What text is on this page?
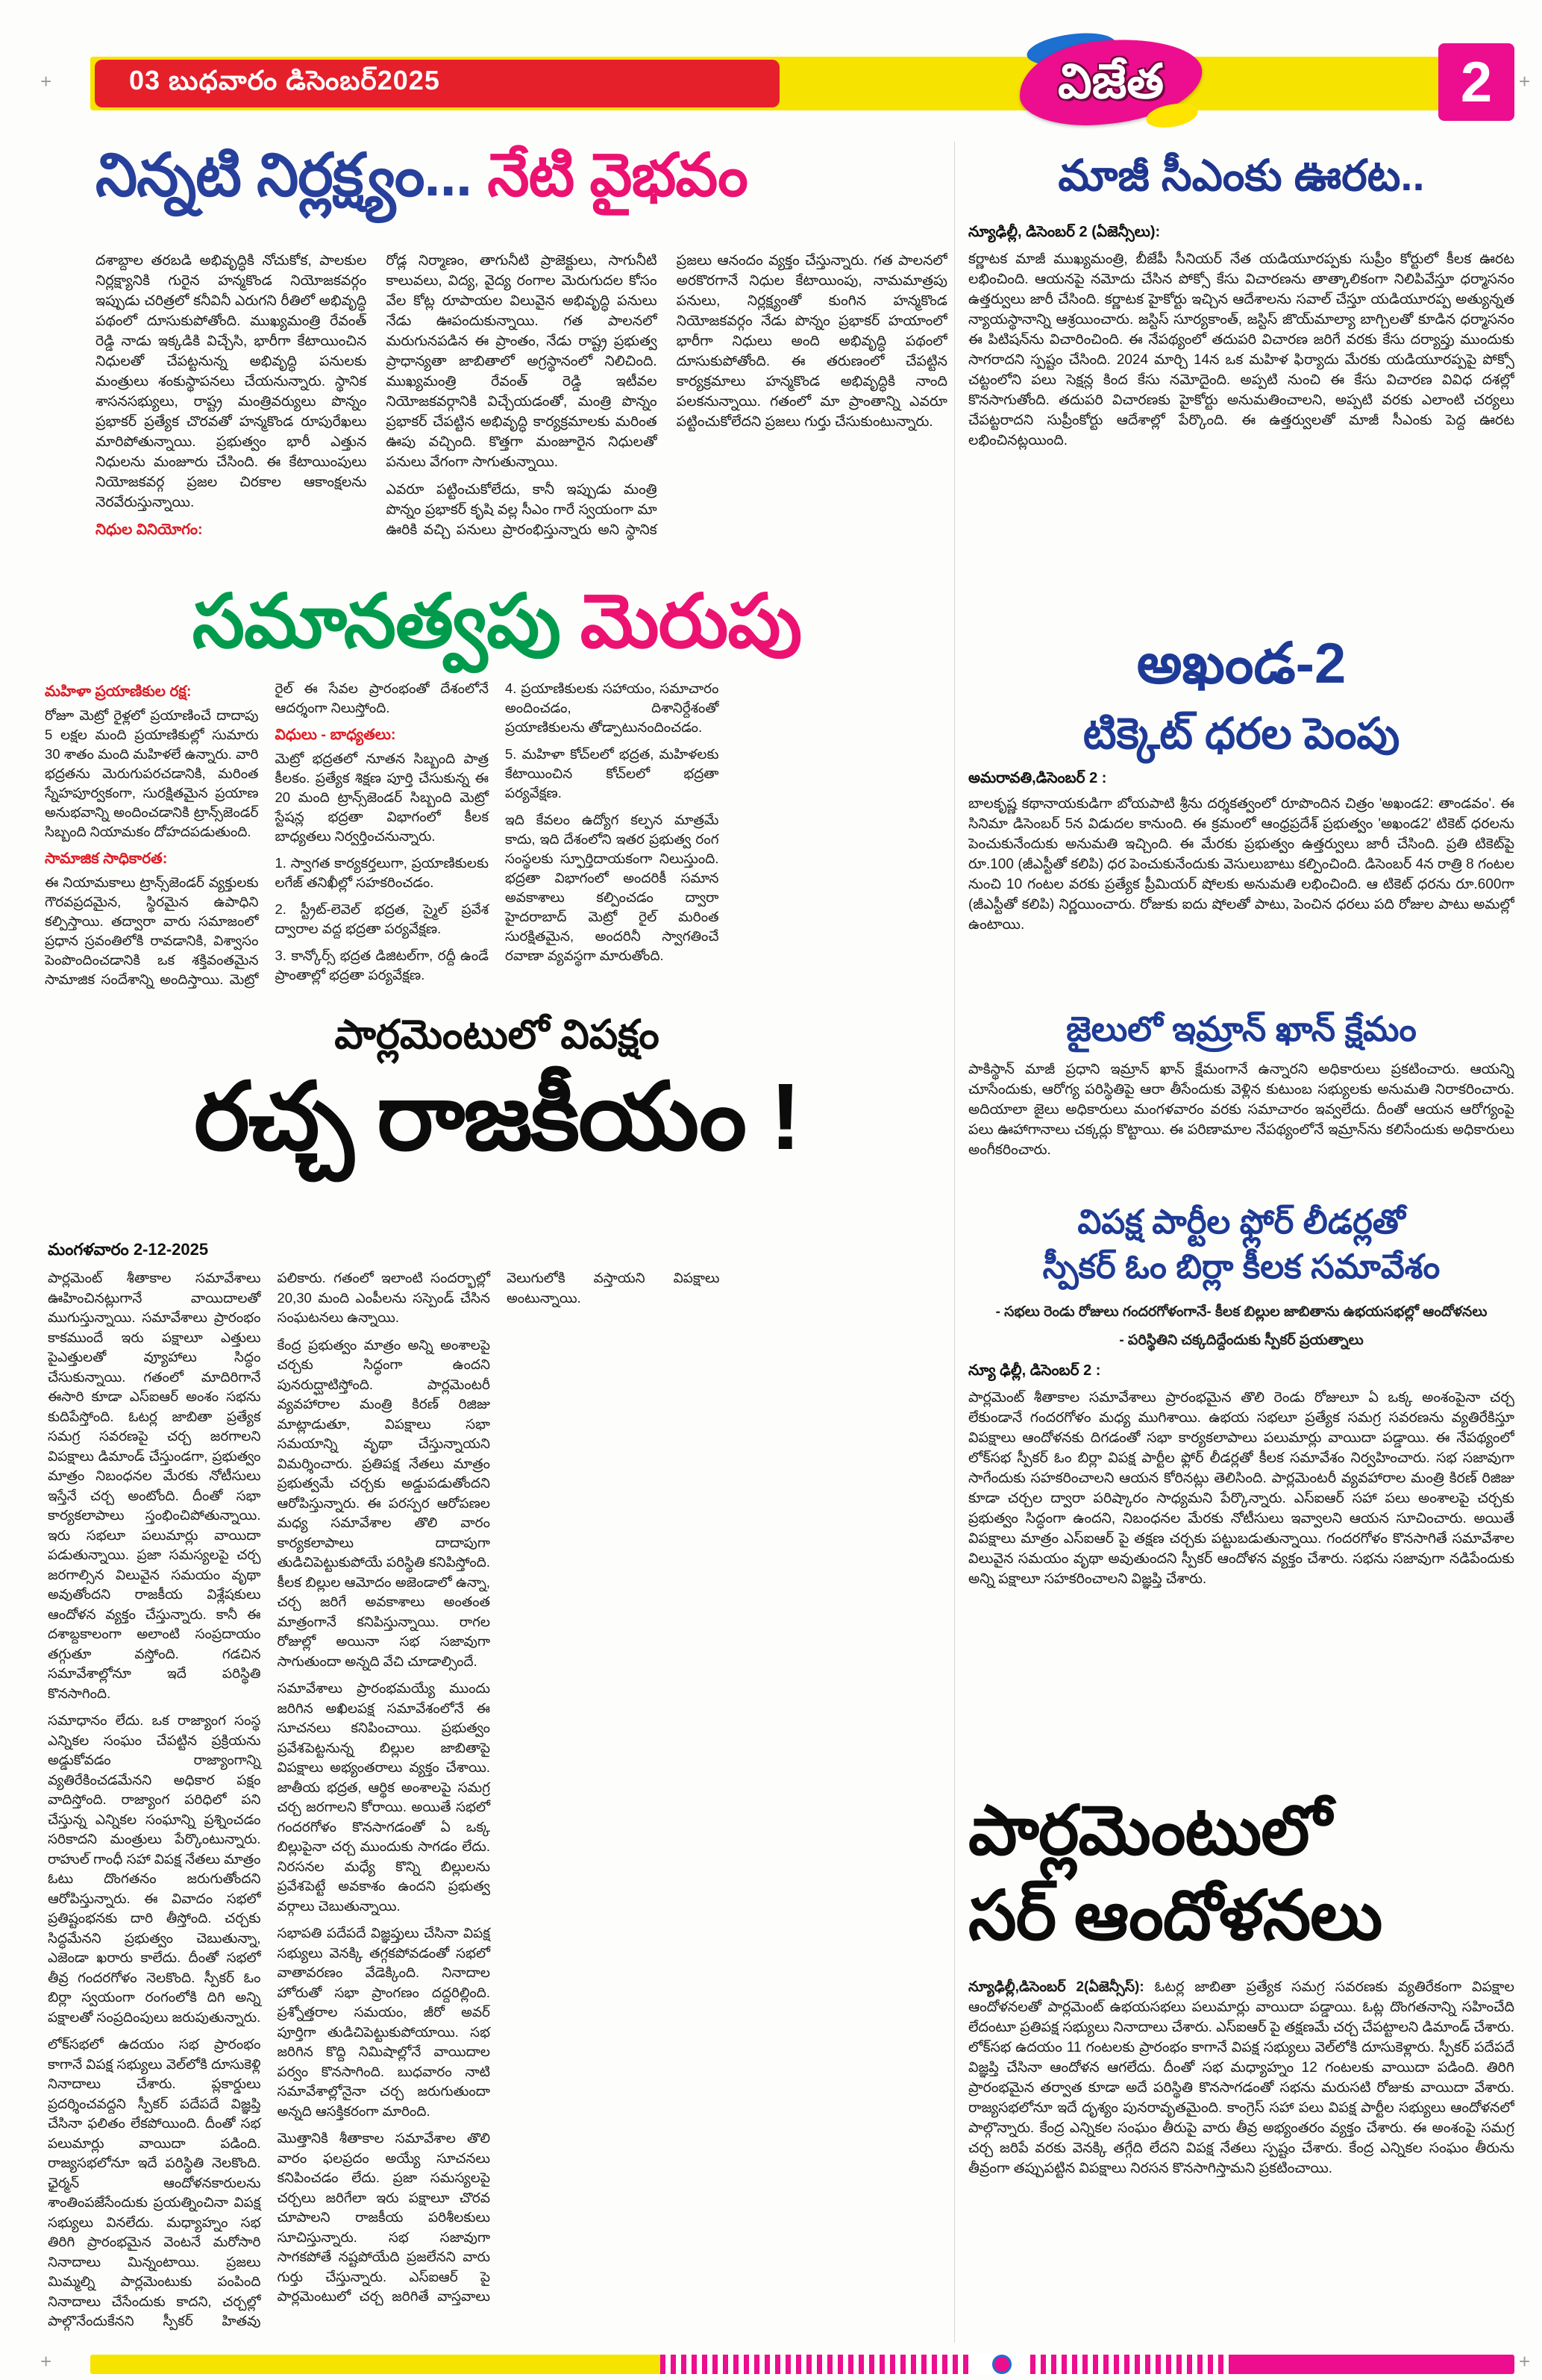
+	+
+	+
03 బుధవారం డిసెంబర్2025	విజేత	2
నిన్నటి నిర్లక్ష్యం... నేటి వైభవం

దశాబ్దాల తరబడి అభివృద్ధికి నోచుకోక, పాలకుల నిర్లక్ష్యానికి గురైన హన్మకొండ నియోజకవర్గం ఇప్పుడు చరిత్రలో కనీవినీ ఎరుగని రీతిలో అభివృద్ధి పథంలో దూసుకుపోతోంది. ముఖ్యమంత్రి రేవంత్ రెడ్డి నాడు ఇక్కడికి విచ్చేసి, భారీగా కేటాయించిన నిధులతో చేపట్టనున్న అభివృద్ధి పనులకు మంత్రులు శంకుస్థాపనలు చేయనున్నారు. స్థానిక శాసనసభ్యులు, రాష్ట్ర మంత్రివర్యులు పొన్నం ప్రభాకర్ ప్రత్యేక చొరవతో హన్మకొండ రూపురేఖలు మారిపోతున్నాయి. ప్రభుత్వం భారీ ఎత్తున నిధులను మంజూరు చేసింది. ఈ కేటాయింపులు నియోజకవర్గ ప్రజల చిరకాల ఆకాంక్షలను నెరవేరుస్తున్నాయి.

నిధుల వినియోగం:

రోడ్ల నిర్మాణం, తాగునీటి ప్రాజెక్టులు, సాగునీటి కాలువలు, విద్య, వైద్య రంగాల మెరుగుదల కోసం వేల కోట్ల రూపాయల విలువైన అభివృద్ధి పనులు నేడు ఊపందుకున్నాయి. గత పాలనలో మరుగునపడిన ఈ ప్రాంతం, నేడు రాష్ట్ర ప్రభుత్వ ప్రాధాన్యతా జాబితాలో అగ్రస్థానంలో నిలిచింది. ముఖ్యమంత్రి రేవంత్ రెడ్డి ఇటీవల నియోజకవర్గానికి విచ్చేయడంతో, మంత్రి పొన్నం ప్రభాకర్ చేపట్టిన అభివృద్ధి కార్యక్రమాలకు మరింత ఊపు వచ్చింది. కొత్తగా మంజూరైన నిధులతో పనులు వేగంగా సాగుతున్నాయి.

ఎవరూ పట్టించుకోలేదు, కానీ ఇప్పుడు మంత్రి పొన్నం ప్రభాకర్ కృషి వల్ల సీఎం గారే స్వయంగా మా ఊరికి వచ్చి పనులు ప్రారంభిస్తున్నారు అని స్థానిక ప్రజలు ఆనందం వ్యక్తం చేస్తున్నారు. గత పాలనలో అరకొరగానే నిధుల కేటాయింపు, నామమాత్రపు పనులు, నిర్లక్ష్యంతో కుంగిన హన్మకొండ నియోజకవర్గం నేడు పొన్నం ప్రభాకర్ హయాంలో భారీగా నిధులు అంది అభివృద్ధి పథంలో దూసుకుపోతోంది. ఈ తరుణంలో చేపట్టిన కార్యక్రమాలు హన్మకొండ అభివృద్ధికి నాంది పలకనున్నాయి. గతంలో మా ప్రాంతాన్ని ఎవరూ పట్టించుకోలేదని ప్రజలు గుర్తు చేసుకుంటున్నారు.

మాజీ సీఎంకు ఊరట..
న్యూఢిల్లీ, డిసెంబర్ 2 (ఏజెన్సీలు):

కర్ణాటక మాజీ ముఖ్యమంత్రి, బీజేపీ సీనియర్ నేత యడియూరప్పకు సుప్రీం కోర్టులో కీలక ఊరట లభించింది. ఆయనపై నమోదు చేసిన పోక్సో కేసు విచారణను తాత్కాలికంగా నిలిపివేస్తూ ధర్మాసనం ఉత్తర్వులు జారీ చేసింది. కర్ణాటక హైకోర్టు ఇచ్చిన ఆదేశాలను సవాల్ చేస్తూ యడియూరప్ప అత్యున్నత న్యాయస్థానాన్ని ఆశ్రయించారు. జస్టిస్ సూర్యకాంత్, జస్టిస్ జొయ్‌మాల్యా బాగ్చిలతో కూడిన ధర్మాసనం ఈ పిటిషన్‌ను విచారించింది. ఈ నేపథ్యంలో తదుపరి విచారణ జరిగే వరకు కేసు దర్యాప్తు ముందుకు సాగరాదని స్పష్టం చేసింది. 2024 మార్చి 14న ఒక మహిళ ఫిర్యాదు మేరకు యడియూరప్పపై పోక్సో చట్టంలోని పలు సెక్షన్ల కింద కేసు నమోదైంది. అప్పటి నుంచి ఈ కేసు విచారణ వివిధ దశల్లో కొనసాగుతోంది. తదుపరి విచారణకు హైకోర్టు అనుమతించాలని, అప్పటి వరకు ఎలాంటి చర్యలు చేపట్టరాదని సుప్రీంకోర్టు ఆదేశాల్లో పేర్కొంది. ఈ ఉత్తర్వులతో మాజీ సీఎంకు పెద్ద ఊరట లభించినట్లయింది.

సమానత్వపు మెరుపు
మహిళా ప్రయాణికుల రక్ష:

రోజూ మెట్రో రైళ్లలో ప్రయాణించే దాదాపు 5 లక్షల మంది ప్రయాణికుల్లో సుమారు 30 శాతం మంది మహిళలే ఉన్నారు. వారి భద్రతను మెరుగుపరచడానికి, మరింత స్నేహపూర్వకంగా, సురక్షితమైన ప్రయాణ అనుభవాన్ని అందించడానికి ట్రాన్స్‌జెండర్ సిబ్బంది నియామకం దోహదపడుతుంది.

సామాజిక సాధికారత:

ఈ నియామకాలు ట్రాన్స్‌జెండర్ వ్యక్తులకు గౌరవప్రదమైన, స్థిరమైన ఉపాధిని కల్పిస్తాయి. తద్వారా వారు సమాజంలో ప్రధాన స్రవంతిలోకి రావడానికి, విశ్వాసం పెంపొందించడానికి ఒక శక్తివంతమైన సామాజిక సందేశాన్ని అందిస్తాయి. మెట్రో రైల్ ఈ సేవల ప్రారంభంతో దేశంలోనే ఆదర్శంగా నిలుస్తోంది.

విధులు - బాధ్యతలు:

మెట్రో భద్రతలో నూతన సిబ్బంది పాత్ర కీలకం. ప్రత్యేక శిక్షణ పూర్తి చేసుకున్న ఈ 20 మంది ట్రాన్స్‌జెండర్ సిబ్బంది మెట్రో స్టేషన్ల భద్రతా విభాగంలో కీలక బాధ్యతలు నిర్వర్తించనున్నారు.

1. స్వాగత కార్యకర్తలుగా, ప్రయాణికులకు లగేజ్ తనిఖీల్లో సహకరించడం.

2. స్ట్రీట్-లెవెల్ భద్రత, స్మైల్ ప్రవేశ ద్వారాల వద్ద భద్రతా పర్యవేక్షణ.

3. కాన్కోర్స్ భద్రత డిజిటల్‌గా, రద్దీ ఉండే ప్రాంతాల్లో భద్రతా పర్యవేక్షణ.

4. ప్రయాణికులకు సహాయం, సమాచారం అందించడం, దిశానిర్దేశంతో ప్రయాణికులను తోడ్పాటునందించడం.

5. మహిళా కోచ్‌లలో భద్రత, మహిళలకు కేటాయించిన కోచ్‌లలో భద్రతా పర్యవేక్షణ.

ఇది కేవలం ఉద్యోగ కల్పన మాత్రమే కాదు, ఇది దేశంలోని ఇతర ప్రభుత్వ రంగ సంస్థలకు స్ఫూర్తిదాయకంగా నిలుస్తుంది. భద్రతా విభాగంలో అందరికీ సమాన అవకాశాలు కల్పించడం ద్వారా హైదరాబాద్ మెట్రో రైల్ మరింత సురక్షితమైన, అందరినీ స్వాగతించే రవాణా వ్యవస్థగా మారుతోంది.

పార్లమెంటులో విపక్షం
రచ్చ రాజకీయం !
మంగళవారం 2-12-2025

పార్లమెంట్ శీతాకాల సమావేశాలు ఊహించినట్లుగానే వాయిదాలతో ముగుస్తున్నాయి. సమావేశాలు ప్రారంభం కాకముందే ఇరు పక్షాలూ ఎత్తులు పైఎత్తులతో వ్యూహాలు సిద్ధం చేసుకున్నాయి. గతంలో మాదిరిగానే ఈసారి కూడా ఎస్ఐఆర్ అంశం సభను కుదిపేస్తోంది. ఓటర్ల జాబితా ప్రత్యేక సమగ్ర సవరణపై చర్చ జరగాలని విపక్షాలు డిమాండ్ చేస్తుండగా, ప్రభుత్వం మాత్రం నిబంధనల మేరకు నోటీసులు ఇస్తేనే చర్చ అంటోంది. దీంతో సభా కార్యకలాపాలు స్తంభించిపోతున్నాయి. ఇరు సభలూ పలుమార్లు వాయిదా పడుతున్నాయి. ప్రజా సమస్యలపై చర్చ జరగాల్సిన విలువైన సమయం వృథా అవుతోందని రాజకీయ విశ్లేషకులు ఆందోళన వ్యక్తం చేస్తున్నారు. కానీ ఈ దశాబ్దకాలంగా అలాంటి సంప్రదాయం తగ్గుతూ వస్తోంది. గడచిన సమావేశాల్లోనూ ఇదే పరిస్థితి కొనసాగింది.

సమాధానం లేదు. ఒక రాజ్యాంగ సంస్థ ఎన్నికల సంఘం చేపట్టిన ప్రక్రియను అడ్డుకోవడం రాజ్యాంగాన్ని వ్యతిరేకించడమేనని అధికార పక్షం వాదిస్తోంది. రాజ్యాంగ పరిధిలో పని చేస్తున్న ఎన్నికల సంఘాన్ని ప్రశ్నించడం సరికాదని మంత్రులు పేర్కొంటున్నారు. రాహుల్ గాంధీ సహా విపక్ష నేతలు మాత్రం ఓటు దొంగతనం జరుగుతోందని ఆరోపిస్తున్నారు. ఈ వివాదం సభలో ప్రతిష్టంభనకు దారి తీస్తోంది. చర్చకు సిద్ధమేనని ప్రభుత్వం చెబుతున్నా, ఎజెండా ఖరారు కాలేదు. దీంతో సభలో తీవ్ర గందరగోళం నెలకొంది. స్పీకర్ ఓం బిర్లా స్వయంగా రంగంలోకి దిగి అన్ని పక్షాలతో సంప్రదింపులు జరుపుతున్నారు.

లోక్‌సభలో ఉదయం సభ ప్రారంభం కాగానే విపక్ష సభ్యులు వెల్‌లోకి దూసుకెళ్లి నినాదాలు చేశారు. ప్లకార్డులు ప్రదర్శించవద్దని స్పీకర్ పదేపదే విజ్ఞప్తి చేసినా ఫలితం లేకపోయింది. దీంతో సభ పలుమార్లు వాయిదా పడింది. రాజ్యసభలోనూ ఇదే పరిస్థితి నెలకొంది. ఛైర్మన్ ఆందోళనకారులను శాంతింపజేసేందుకు ప్రయత్నించినా విపక్ష సభ్యులు వినలేదు. మధ్యాహ్నం సభ తిరిగి ప్రారంభమైన వెంటనే మరోసారి నినాదాలు మిన్నంటాయి. ప్రజలు మిమ్మల్ని పార్లమెంటుకు పంపింది నినాదాలు చేసేందుకు కాదని, చర్చల్లో పాల్గొనేందుకేనని స్పీకర్ హితవు పలికారు. గతంలో ఇలాంటి సందర్భాల్లో 20,30 మంది ఎంపీలను సస్పెండ్ చేసిన సంఘటనలు ఉన్నాయి.

కేంద్ర ప్రభుత్వం మాత్రం అన్ని అంశాలపై చర్చకు సిద్ధంగా ఉందని పునరుద్ఘాటిస్తోంది. పార్లమెంటరీ వ్యవహారాల మంత్రి కిరణ్ రిజిజు మాట్లాడుతూ, విపక్షాలు సభా సమయాన్ని వృథా చేస్తున్నాయని విమర్శించారు. ప్రతిపక్ష నేతలు మాత్రం ప్రభుత్వమే చర్చకు అడ్డుపడుతోందని ఆరోపిస్తున్నారు. ఈ పరస్పర ఆరోపణల మధ్య సమావేశాల తొలి వారం కార్యకలాపాలు దాదాపుగా తుడిచిపెట్టుకుపోయే పరిస్థితి కనిపిస్తోంది. కీలక బిల్లుల ఆమోదం అజెండాలో ఉన్నా, చర్చ జరిగే అవకాశాలు అంతంత మాత్రంగానే కనిపిస్తున్నాయి. రాగల రోజుల్లో అయినా సభ సజావుగా సాగుతుందా అన్నది వేచి చూడాల్సిందే.

సమావేశాలు ప్రారంభమయ్యే ముందు జరిగిన అఖిలపక్ష సమావేశంలోనే ఈ సూచనలు కనిపించాయి. ప్రభుత్వం ప్రవేశపెట్టనున్న బిల్లుల జాబితాపై విపక్షాలు అభ్యంతరాలు వ్యక్తం చేశాయి. జాతీయ భద్రత, ఆర్థిక అంశాలపై సమగ్ర చర్చ జరగాలని కోరాయి. అయితే సభలో గందరగోళం కొనసాగడంతో ఏ ఒక్క బిల్లుపైనా చర్చ ముందుకు సాగడం లేదు. నిరసనల మధ్యే కొన్ని బిల్లులను ప్రవేశపెట్టే అవకాశం ఉందని ప్రభుత్వ వర్గాలు చెబుతున్నాయి.

సభాపతి పదేపదే విజ్ఞప్తులు చేసినా విపక్ష సభ్యులు వెనక్కి తగ్గకపోవడంతో సభలో వాతావరణం వేడెక్కింది. నినాదాల హోరుతో సభా ప్రాంగణం దద్దరిల్లింది. ప్రశ్నోత్తరాల సమయం, జీరో అవర్ పూర్తిగా తుడిచిపెట్టుకుపోయాయి. సభ జరిగిన కొద్ది నిమిషాల్లోనే వాయిదాల పర్వం కొనసాగింది. బుధవారం నాటి సమావేశాల్లోనైనా చర్చ జరుగుతుందా అన్నది ఆసక్తికరంగా మారింది.

మొత్తానికి శీతాకాల సమావేశాల తొలి వారం ఫలప్రదం అయ్యే సూచనలు కనిపించడం లేదు. ప్రజా సమస్యలపై చర్చలు జరిగేలా ఇరు పక్షాలూ చొరవ చూపాలని రాజకీయ పరిశీలకులు సూచిస్తున్నారు. సభ సజావుగా సాగకపోతే నష్టపోయేది ప్రజలేనని వారు గుర్తు చేస్తున్నారు. ఎస్ఐఆర్ పై పార్లమెంటులో చర్చ జరిగితే వాస్తవాలు వెలుగులోకి వస్తాయని విపక్షాలు అంటున్నాయి.

అఖండ-2
టిక్కెట్ ధరల పెంపు
అమరావతి,డిసెంబర్ 2 :

బాలకృష్ణ కథానాయకుడిగా బోయపాటి శ్రీను దర్శకత్వంలో రూపొందిన చిత్రం 'అఖండ2: తాండవం'. ఈ సినిమా డిసెంబర్ 5న విడుదల కానుంది. ఈ క్రమంలో ఆంధ్రప్రదేశ్ ప్రభుత్వం 'అఖండ2' టికెట్ ధరలను పెంచుకునేందుకు అనుమతి ఇచ్చింది. ఈ మేరకు ప్రభుత్వం ఉత్తర్వులు జారీ చేసింది. ప్రతి టికెట్‌పై రూ.100 (జీఎస్టీతో కలిపి) ధర పెంచుకునేందుకు వెసులుబాటు కల్పించింది. డిసెంబర్ 4న రాత్రి 8 గంటల నుంచి 10 గంటల వరకు ప్రత్యేక ప్రీమియర్ షోలకు అనుమతి లభించింది. ఆ టికెట్ ధరను రూ.600గా (జీఎస్టీతో కలిపి) నిర్ణయించారు. రోజుకు ఐదు షోలతో పాటు, పెంచిన ధరలు పది రోజుల పాటు అమల్లో ఉంటాయి.

జైలులో ఇమ్రాన్ ఖాన్ క్షేమం

పాకిస్థాన్ మాజీ ప్రధాని ఇమ్రాన్ ఖాన్ క్షేమంగానే ఉన్నారని అధికారులు ప్రకటించారు. ఆయన్ని చూసేందుకు, ఆరోగ్య పరిస్థితిపై ఆరా తీసేందుకు వెళ్లిన కుటుంబ సభ్యులకు అనుమతి నిరాకరించారు. అదియాలా జైలు అధికారులు మంగళవారం వరకు సమాచారం ఇవ్వలేదు. దీంతో ఆయన ఆరోగ్యంపై పలు ఊహాగానాలు చక్కర్లు కొట్టాయి. ఈ పరిణామాల నేపథ్యంలోనే ఇమ్రాన్‌ను కలిసేందుకు అధికారులు అంగీకరించారు.

విపక్ష పార్టీల ఫ్లోర్ లీడర్లతో
స్పీకర్ ఓం బిర్లా కీలక సమావేశం
- సభలు రెండు రోజులు గందరగోళంగానే- కీలక బిల్లుల జాబితాను ఉభయసభల్లో ఆందోళనలు
- పరిస్థితిని చక్కదిద్దేందుకు స్పీకర్ ప్రయత్నాలు
న్యూ ఢిల్లీ, డిసెంబర్ 2 :

పార్లమెంట్ శీతాకాల సమావేశాలు ప్రారంభమైన తొలి రెండు రోజులూ ఏ ఒక్క అంశంపైనా చర్చ లేకుండానే గందరగోళం మధ్య ముగిశాయి. ఉభయ సభలూ ప్రత్యేక సమగ్ర సవరణను వ్యతిరేకిస్తూ విపక్షాలు ఆందోళనకు దిగడంతో సభా కార్యకలాపాలు పలుమార్లు వాయిదా పడ్డాయి. ఈ నేపథ్యంలో లోక్‌సభ స్పీకర్ ఓం బిర్లా విపక్ష పార్టీల ఫ్లోర్ లీడర్లతో కీలక సమావేశం నిర్వహించారు. సభ సజావుగా సాగేందుకు సహకరించాలని ఆయన కోరినట్లు తెలిసింది. పార్లమెంటరీ వ్యవహారాల మంత్రి కిరణ్ రిజిజు కూడా చర్చల ద్వారా పరిష్కారం సాధ్యమని పేర్కొన్నారు. ఎస్ఐఆర్ సహా పలు అంశాలపై చర్చకు ప్రభుత్వం సిద్ధంగా ఉందని, నిబంధనల మేరకు నోటీసులు ఇవ్వాలని ఆయన సూచించారు. అయితే విపక్షాలు మాత్రం ఎస్ఐఆర్ పై తక్షణ చర్చకు పట్టుబడుతున్నాయి. గందరగోళం కొనసాగితే సమావేశాల విలువైన సమయం వృథా అవుతుందని స్పీకర్ ఆందోళన వ్యక్తం చేశారు. సభను సజావుగా నడిపేందుకు అన్ని పక్షాలూ సహకరించాలని విజ్ఞప్తి చేశారు.

పార్లమెంటులో
సర్ ఆందోళనలు

న్యూఢిల్లీ,డిసెంబర్ 2(ఏజెన్సీస్): ఓటర్ల జాబితా ప్రత్యేక సమగ్ర సవరణకు వ్యతిరేకంగా విపక్షాల ఆందోళనలతో పార్లమెంట్ ఉభయసభలు పలుమార్లు వాయిదా పడ్డాయి. ఓట్ల దొంగతనాన్ని సహించేది లేదంటూ ప్రతిపక్ష సభ్యులు నినాదాలు చేశారు. ఎస్ఐఆర్ పై తక్షణమే చర్చ చేపట్టాలని డిమాండ్ చేశారు. లోక్‌సభ ఉదయం 11 గంటలకు ప్రారంభం కాగానే విపక్ష సభ్యులు వెల్‌లోకి దూసుకెళ్లారు. స్పీకర్ పదేపదే విజ్ఞప్తి చేసినా ఆందోళన ఆగలేదు. దీంతో సభ మధ్యాహ్నం 12 గంటలకు వాయిదా పడింది. తిరిగి ప్రారంభమైన తర్వాత కూడా అదే పరిస్థితి కొనసాగడంతో సభను మరుసటి రోజుకు వాయిదా వేశారు. రాజ్యసభలోనూ ఇదే దృశ్యం పునరావృతమైంది. కాంగ్రెస్ సహా పలు విపక్ష పార్టీల సభ్యులు ఆందోళనలో పాల్గొన్నారు. కేంద్ర ఎన్నికల సంఘం తీరుపై వారు తీవ్ర అభ్యంతరం వ్యక్తం చేశారు. ఈ అంశంపై సమగ్ర చర్చ జరిపే వరకు వెనక్కి తగ్గేది లేదని విపక్ష నేతలు స్పష్టం చేశారు. కేంద్ర ఎన్నికల సంఘం తీరును తీవ్రంగా తప్పుపట్టిన విపక్షాలు నిరసన కొనసాగిస్తామని ప్రకటించాయి.
